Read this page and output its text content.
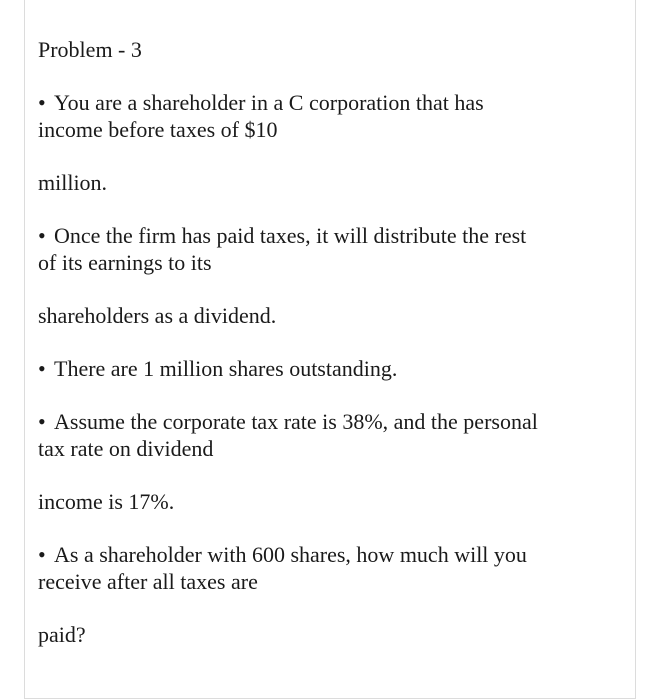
Problem - 3
• You are a shareholder in a C corporation that has
income before taxes of $10
million.
• Once the firm has paid taxes, it will distribute the rest
of its earnings to its
shareholders as a dividend.
• There are 1 million shares outstanding.
• Assume the corporate tax rate is 38%, and the personal
tax rate on dividend
income is 17%.
• As a shareholder with 600 shares, how much will you
receive after all taxes are
paid?
